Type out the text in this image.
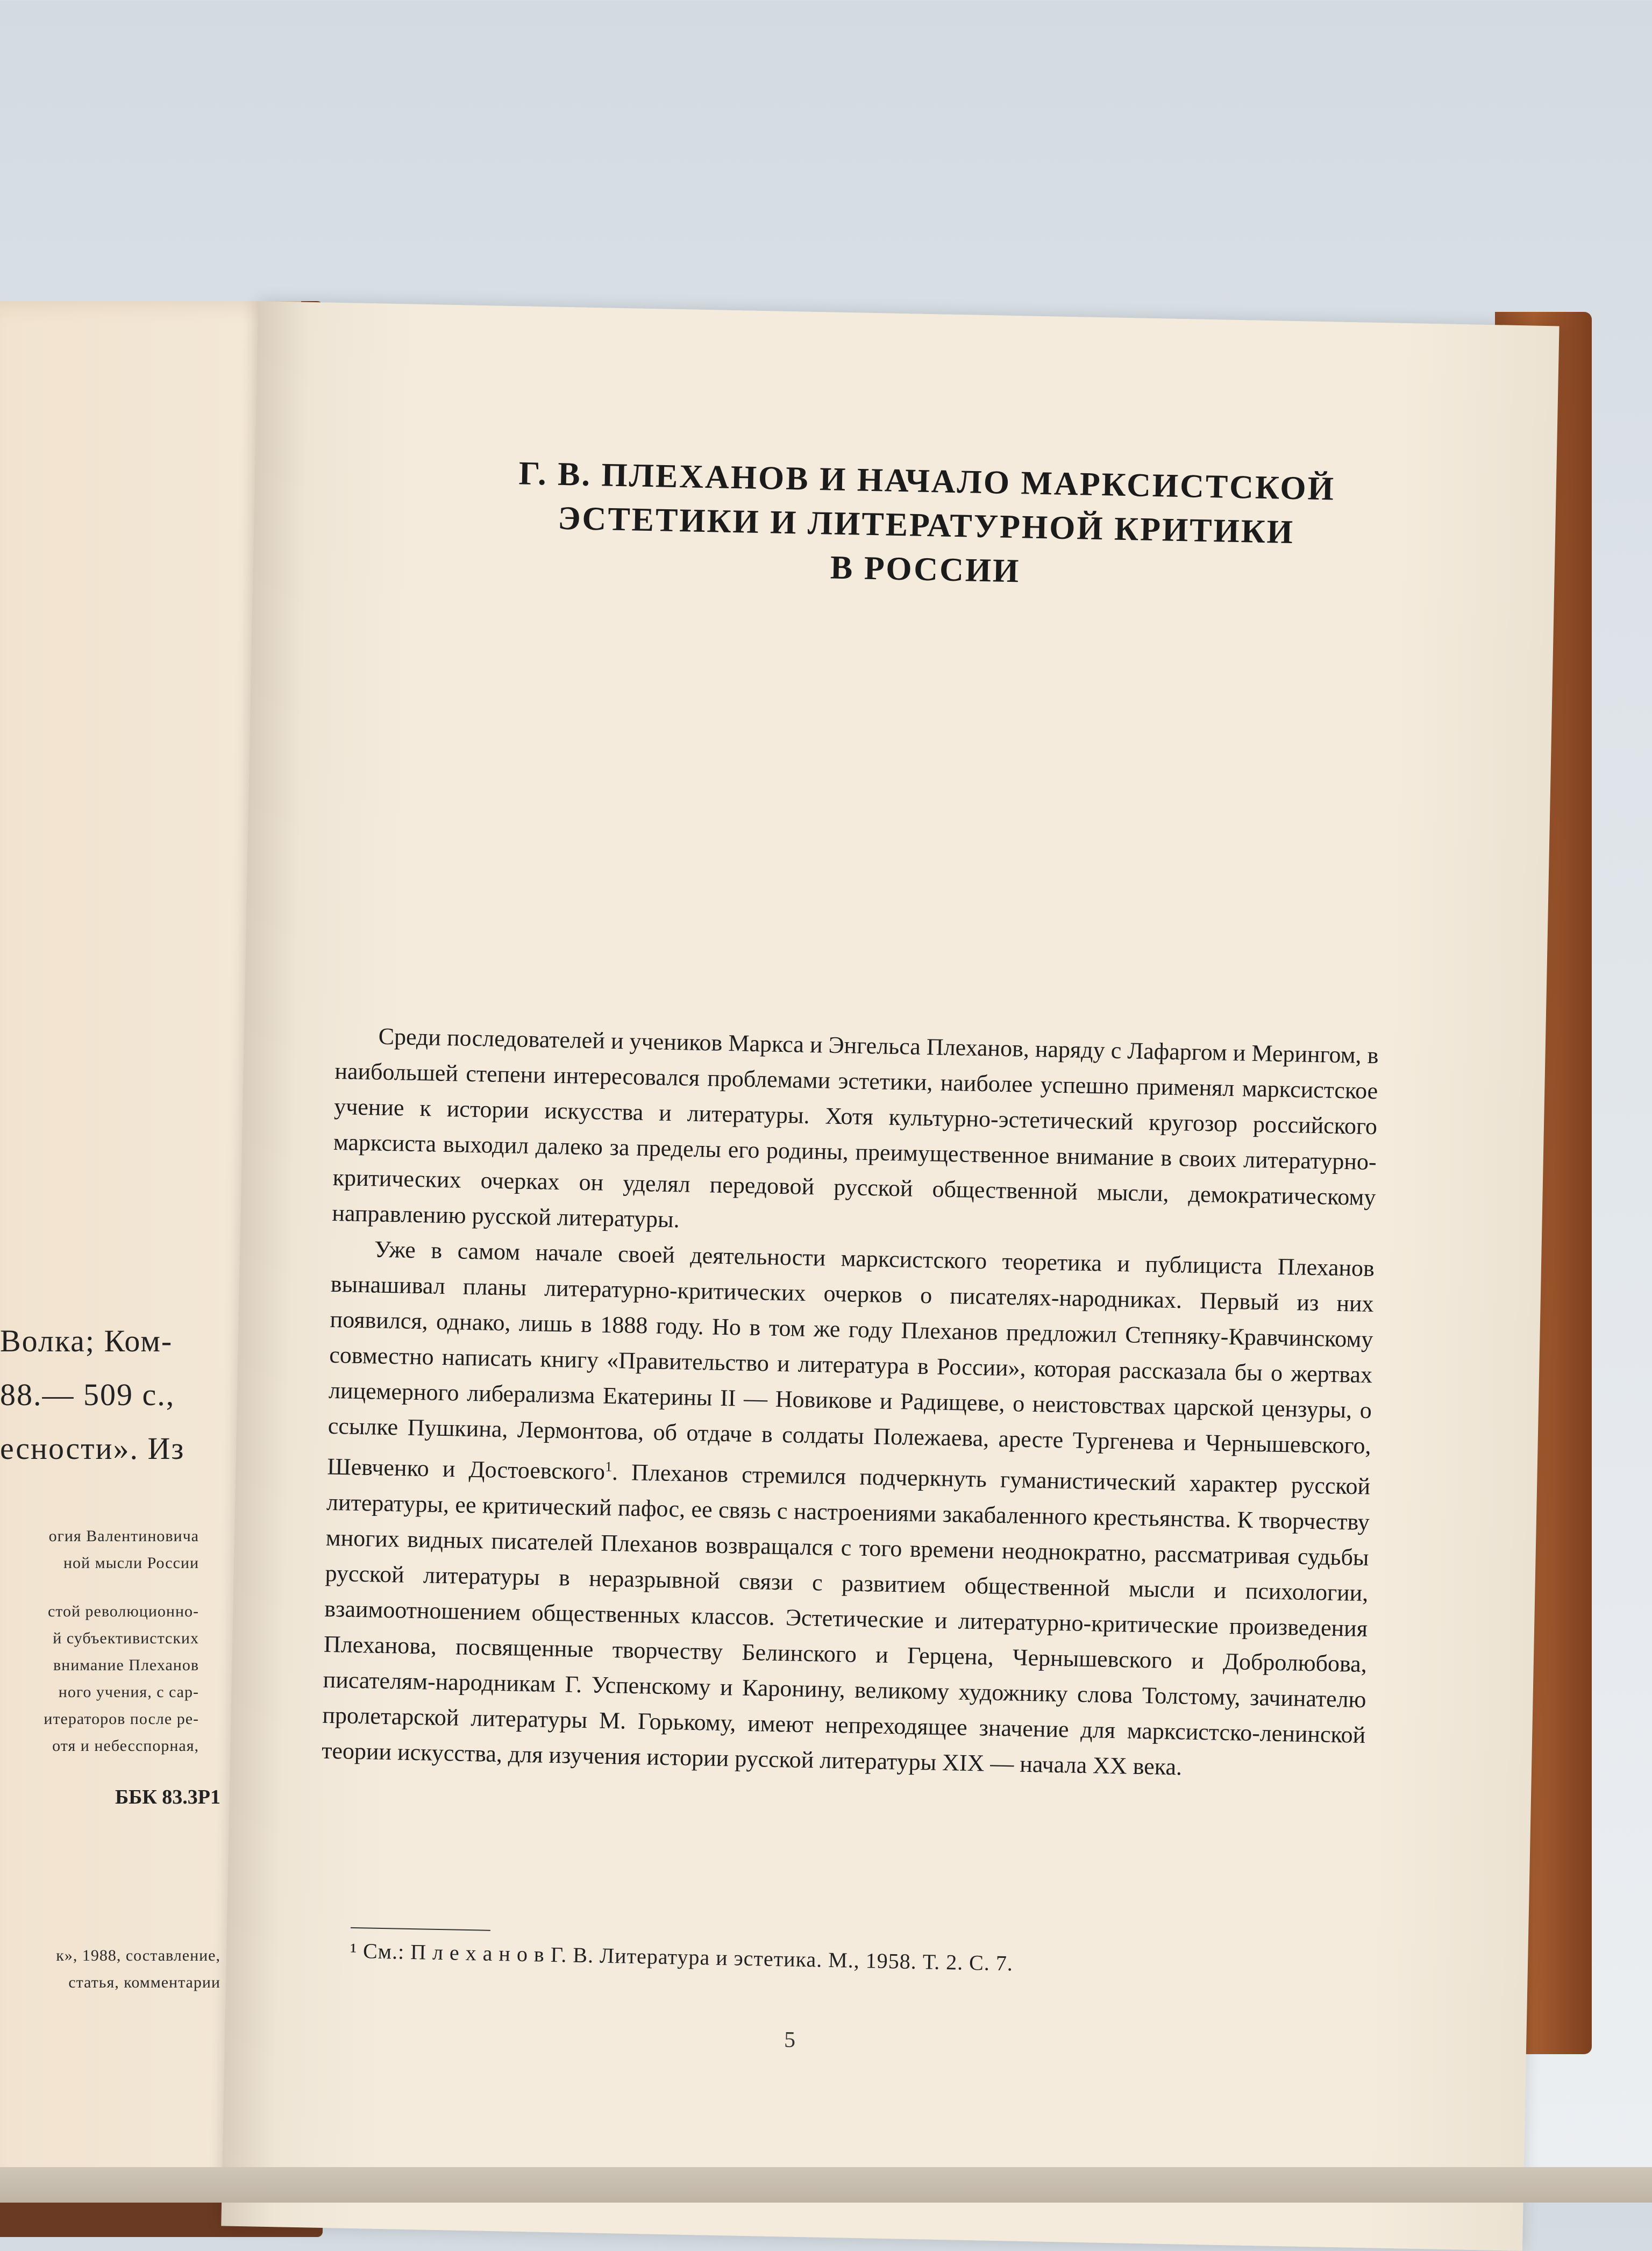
Волка; Ком-
88.— 509 с.,
есности». Из
огия Валентиновича
ной мысли России
стой революционно-
й субъективистских
внимание Плеханов
ного учения, с сар-
итераторов после ре-
отя и небесспорная,
ББК 83.3Р1
к», 1988, составление,
статья, комментарии
Г. В. ПЛЕХАНОВ И НАЧАЛО МАРКСИСТСКОЙ
ЭСТЕТИКИ И ЛИТЕРАТУРНОЙ КРИТИКИ
В РОССИИ

Среди последователей и учеников Маркса и Энгельса Плеханов, наряду с Лафаргом и Мерингом, в наибольшей степени интересовался проблемами эстетики, наиболее успешно применял марксистское учение к истории искусства и литературы. Хотя культурно-эстетический кругозор российского марксиста выходил далеко за пределы его родины, преимущественное внимание в своих литературно-критических очерках он уделял передовой русской общественной мысли, демократическому направлению русской литературы.

Уже в самом начале своей деятельности марксистского теоретика и публициста Плеханов вынашивал планы литературно-критических очерков о писателях-народниках. Первый из них появился, однако, лишь в 1888 году. Но в том же году Плеханов предложил Степняку-Кравчинскому совместно написать книгу «Правительство и литература в России», которая рассказала бы о жертвах лицемерного либерализма Екатерины II — Новикове и Радищеве, о неистовствах царской цензуры, о ссылке Пушкина, Лермонтова, об отдаче в солдаты Полежаева, аресте Тургенева и Чернышевского, Шевченко и Достоевского$^1$. Плеханов стремился подчеркнуть гуманистический характер русской литературы, ее критический пафос, ее связь с настроениями закабаленного крестьянства. К творчеству многих видных писателей Плеханов возвращался с того времени неоднократно, рассматривая судьбы русской литературы в неразрывной связи с развитием общественной мысли и психологии, взаимоотношением общественных классов. Эстетические и литературно-критические произведения Плеханова, посвященные творчеству Белинского и Герцена, Чернышевского и Добролюбова, писателям-народникам Г. Успенскому и Каронину, великому художнику слова Толстому, зачинателю пролетарской литературы М. Горькому, имеют непреходящее значение для марксистско-ленинской теории искусства, для изучения истории русской литературы XIX — начала XX века.

¹ См.: П л е х а н о в Г. В. Литература и эстетика. М., 1958. Т. 2. С. 7.
5
